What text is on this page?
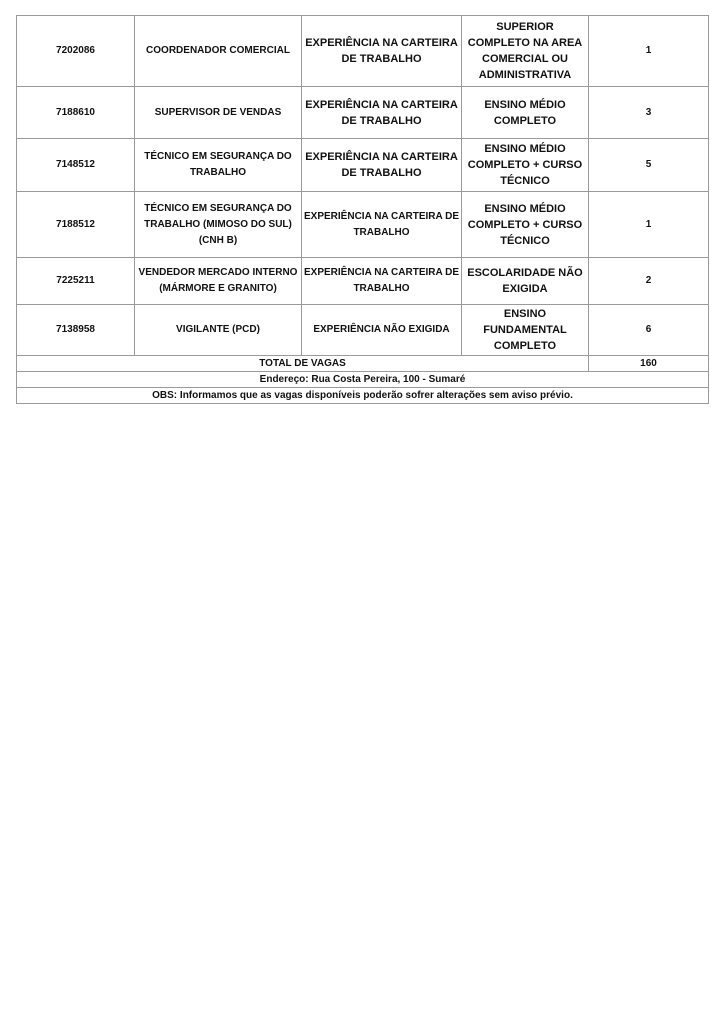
7202086	COORDENADOR COMERCIAL	EXPERIÊNCIA NA CARTEIRA DE TRABALHO	SUPERIOR COMPLETO NA AREA COMERCIAL OU ADMINISTRATIVA	1
7188610	SUPERVISOR DE VENDAS	EXPERIÊNCIA NA CARTEIRA DE TRABALHO	ENSINO MÉDIO COMPLETO	3
7148512	TÉCNICO EM SEGURANÇA DO TRABALHO	EXPERIÊNCIA NA CARTEIRA DE TRABALHO	ENSINO MÉDIO COMPLETO + CURSO TÉCNICO	5
7188512	TÉCNICO EM SEGURANÇA DO TRABALHO (MIMOSO DO SUL) (CNH B)	EXPERIÊNCIA NA CARTEIRA DE TRABALHO	ENSINO MÉDIO COMPLETO + CURSO TÉCNICO	1
7225211	VENDEDOR MERCADO INTERNO (MÁRMORE E GRANITO)	EXPERIÊNCIA NA CARTEIRA DE TRABALHO	ESCOLARIDADE NÃO EXIGIDA	2
7138958	VIGILANTE (PCD)	EXPERIÊNCIA NÃO EXIGIDA	ENSINO FUNDAMENTAL COMPLETO	6
TOTAL DE VAGAS				160
Endereço: Rua Costa Pereira, 100 - Sumaré				
OBS: Informamos que as vagas disponíveis poderão sofrer alterações sem aviso prévio.				
